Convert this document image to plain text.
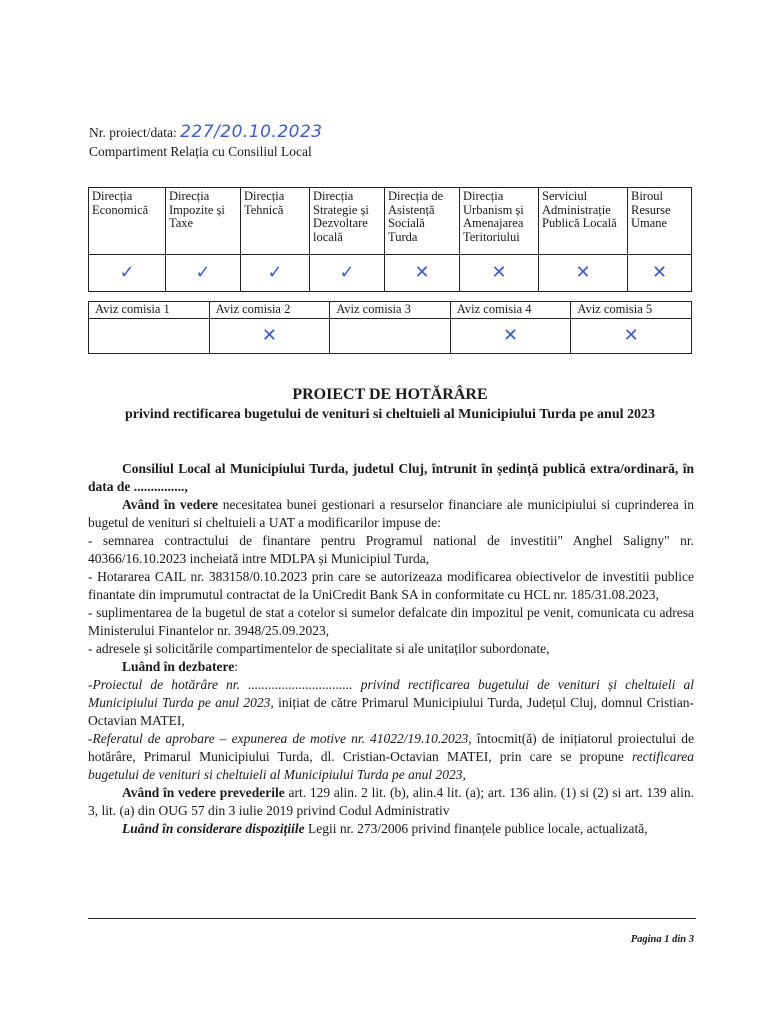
Nr. proiect/data: 227/20.10.2023
Compartiment Relația cu Consiliul Local
Direcția Economică	Direcția Impozite și Taxe	Direcția Tehnică	Direcția Strategie și Dezvoltare locală	Direcția de Asistență Socială Turda	Direcția Urbanism și Amenajarea Teritoriului	Serviciul Administrație Publică Locală	Biroul Resurse Umane
✓	✓	✓	✓	✕	✕	✕	✕
Aviz comisia 1	Aviz comisia 2	Aviz comisia 3	Aviz comisia 4	Aviz comisia 5
	✕		✕	✕
PROIECT DE HOTĂRÂRE
privind rectificarea bugetului de venituri si cheltuieli al Municipiului Turda pe anul 2023

Consiliul Local al Municipiului Turda, judetul Cluj, întrunit în ședință publică extra/ordinară, în data de ...............,

Având în vedere necesitatea bunei gestionari a resurselor financiare ale municipiului si cuprinderea in bugetul de venituri si cheltuieli a UAT a modificarilor impuse de:

- semnarea contractului de finantare pentru Programul national de investitii" Anghel Saligny" nr. 40366/16.10.2023 incheiată intre MDLPA și Municipiul Turda,

- Hotararea CAIL nr. 383158/0.10.2023 prin care se autorizeaza modificarea obiectivelor de investitii publice finantate din imprumutul contractat de la UniCredit Bank SA in conformitate cu HCL nr. 185/31.08.2023,

- suplimentarea de la bugetul de stat a cotelor si sumelor defalcate din impozitul pe venit, comunicata cu adresa Ministerului Finantelor nr. 3948/25.09.2023,

- adresele și solicitările compartimentelor de specialitate si ale unitaților subordonate,

Luând în dezbatere:

-Proiectul de hotărâre nr. ............................... privind rectificarea bugetului de venituri și cheltuieli al Municipiului Turda pe anul 2023, inițiat de către Primarul Municipiului Turda, Județul Cluj, domnul Cristian-Octavian MATEI,

-Referatul de aprobare – expunerea de motive nr. 41022/19.10.2023, întocmit(ă) de inițiatorul proiectului de hotărâre, Primarul Municipiului Turda, dl. Cristian-Octavian MATEI, prin care se propune rectificarea bugetului de venituri si cheltuieli al Municipiului Turda pe anul 2023,

Având în vedere prevederile art. 129 alin. 2 lit. (b), alin.4 lit. (a); art. 136 alin. (1) si (2) si art. 139 alin. 3, lit. (a) din OUG 57 din 3 iulie 2019 privind Codul Administrativ

Luând în considerare dispozițiile Legii nr. 273/2006 privind finanțele publice locale, actualizată,

Pagina 1 din 3
